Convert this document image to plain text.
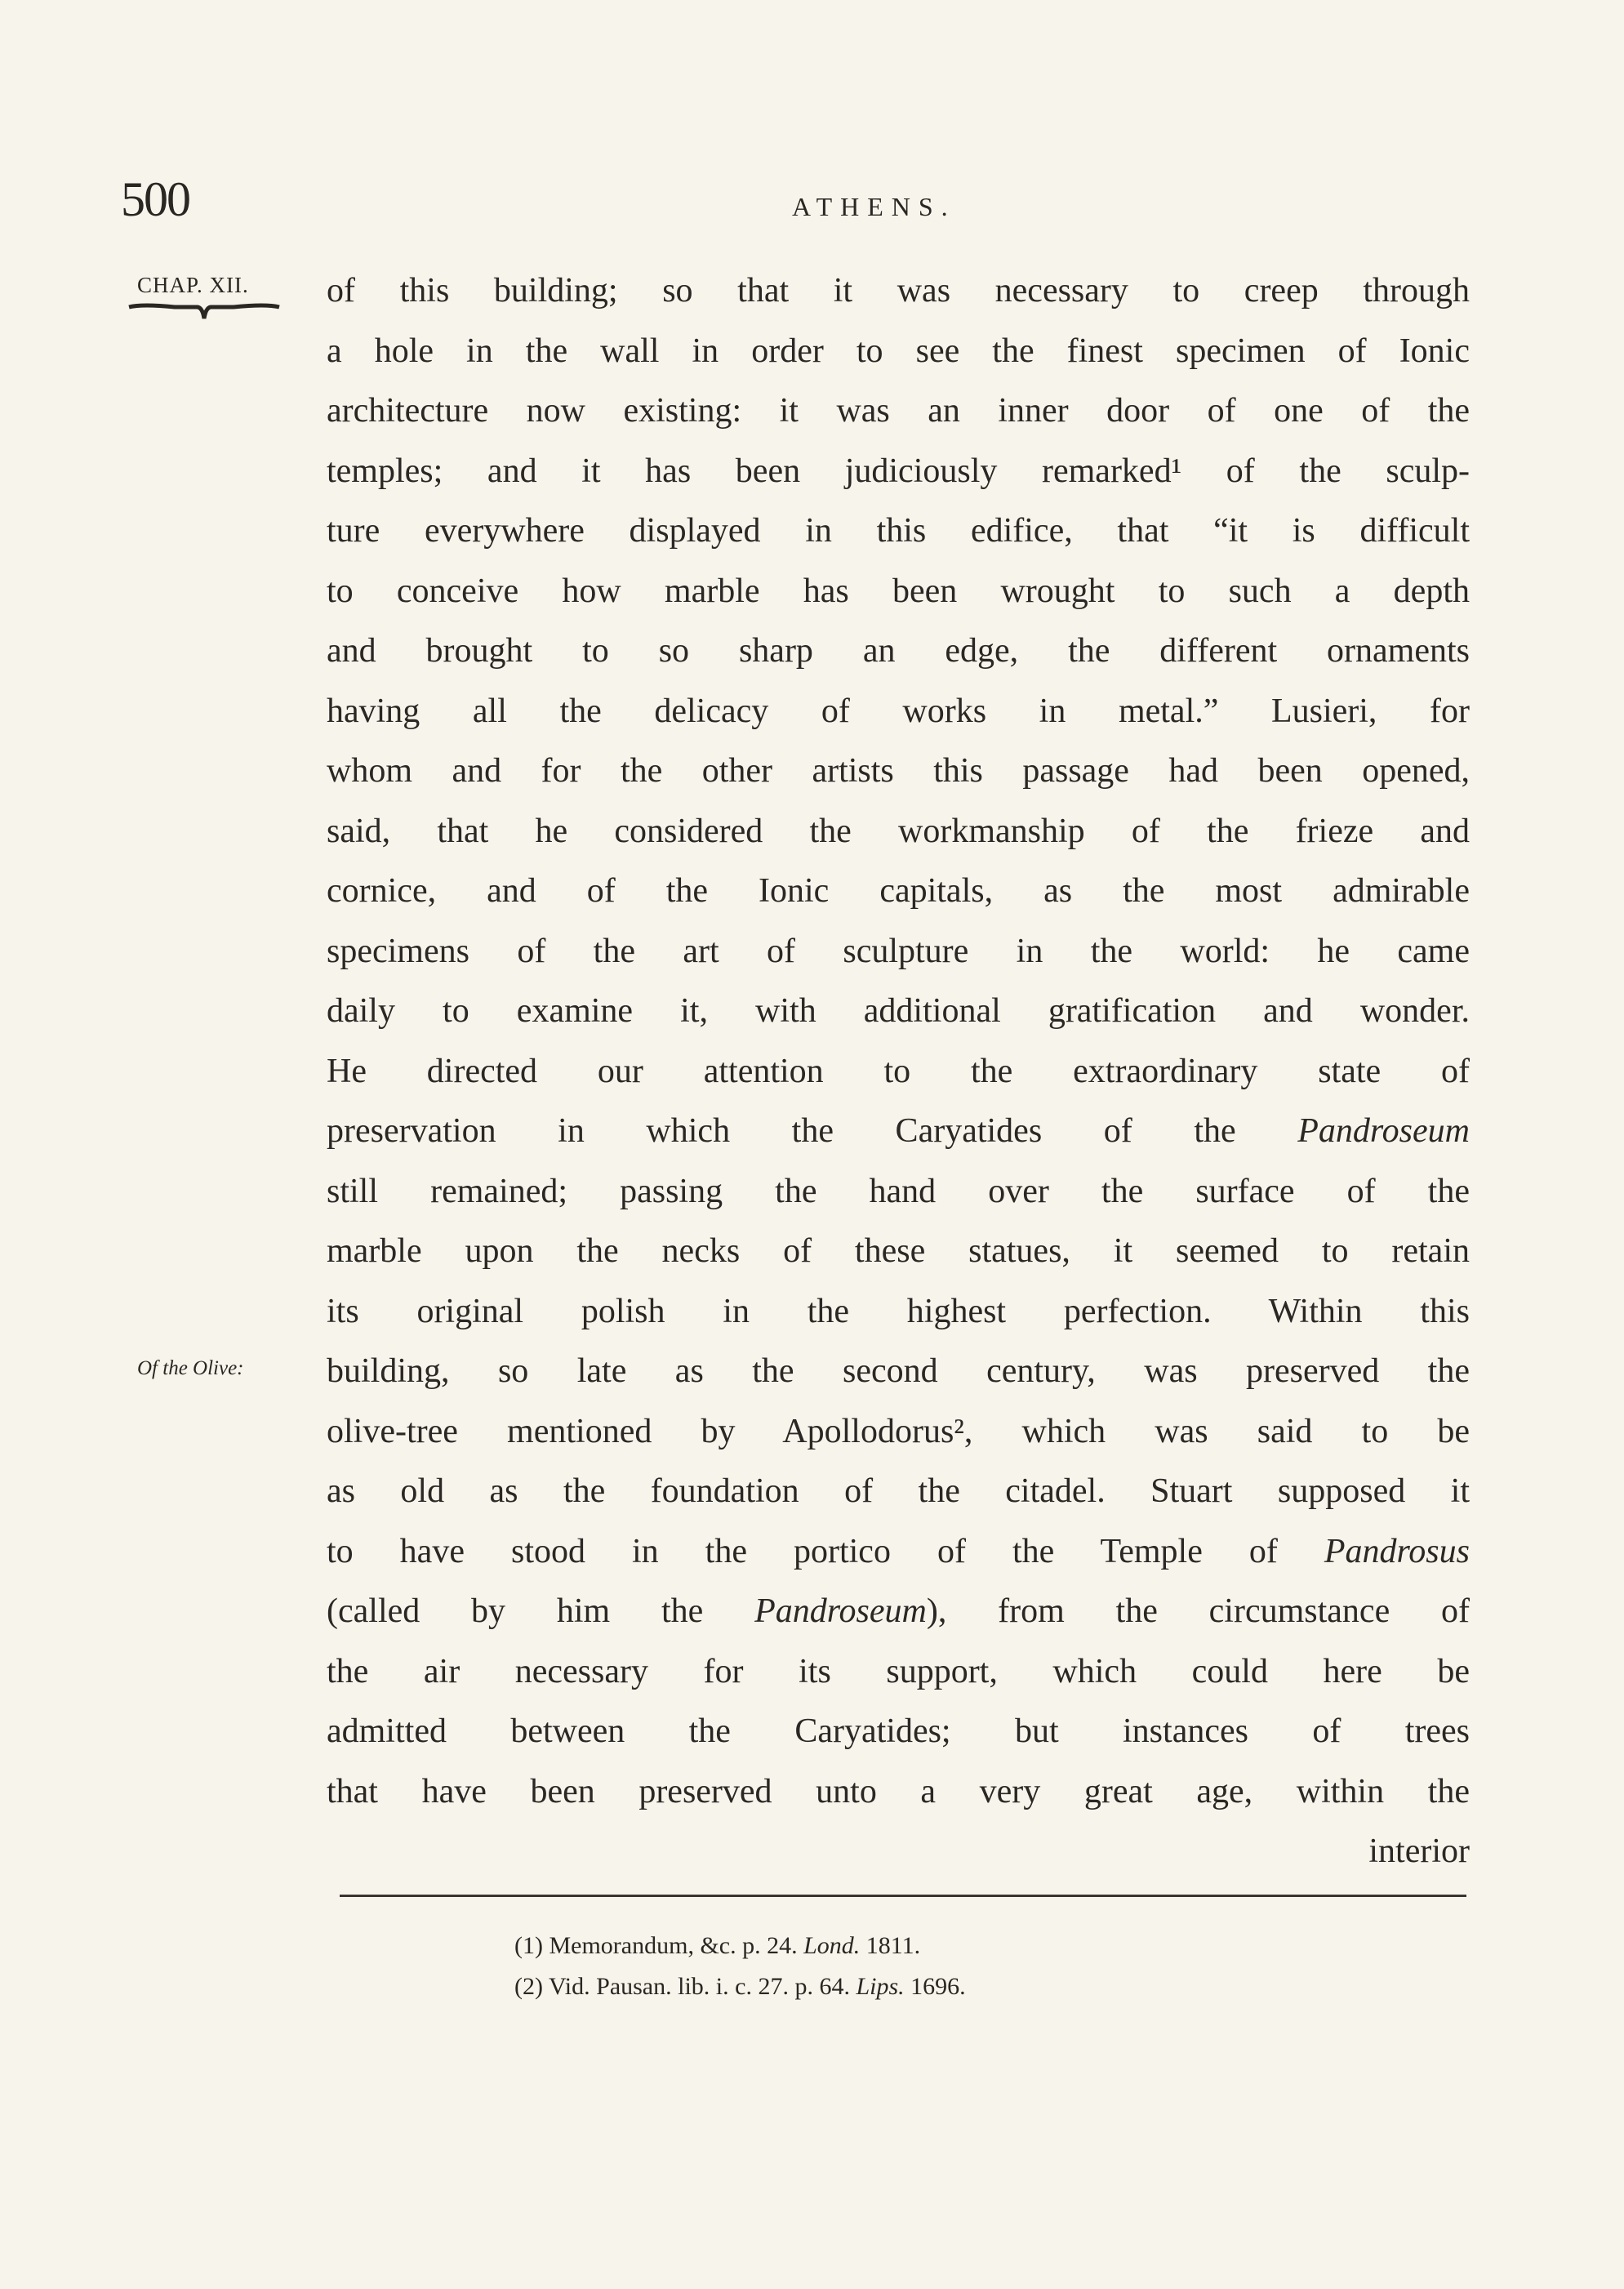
500	ATHENS.
CHAP. XII.
Of the Olive:
of this building; so that it was necessary to creep through
a hole in the wall in order to see the finest specimen of Ionic
architecture now existing: it was an inner door of one of the
temples; and it has been judiciously remarked¹ of the sculp-
ture everywhere displayed in this edifice, that “it is difficult
to conceive how marble has been wrought to such a depth
and brought to so sharp an edge, the different ornaments
having all the delicacy of works in metal.” Lusieri, for
whom and for the other artists this passage had been opened,
said, that he considered the workmanship of the frieze and
cornice, and of the Ionic capitals, as the most admirable
specimens of the art of sculpture in the world: he came
daily to examine it, with additional gratification and wonder.
He directed our attention to the extraordinary state of
preservation in which the Caryatides of the Pandroseum
still remained; passing the hand over the surface of the
marble upon the necks of these statues, it seemed to retain
its original polish in the highest perfection. Within this
building, so late as the second century, was preserved the
olive-tree mentioned by Apollodorus², which was said to be
as old as the foundation of the citadel. Stuart supposed it
to have stood in the portico of the Temple of Pandrosus
(called by him the Pandroseum), from the circumstance of
the air necessary for its support, which could here be
admitted between the Caryatides; but instances of trees
that have been preserved unto a very great age, within the
interior
(1) Memorandum, &c. p. 24. Lond. 1811.
(2) Vid. Pausan. lib. i. c. 27. p. 64. Lips. 1696.
